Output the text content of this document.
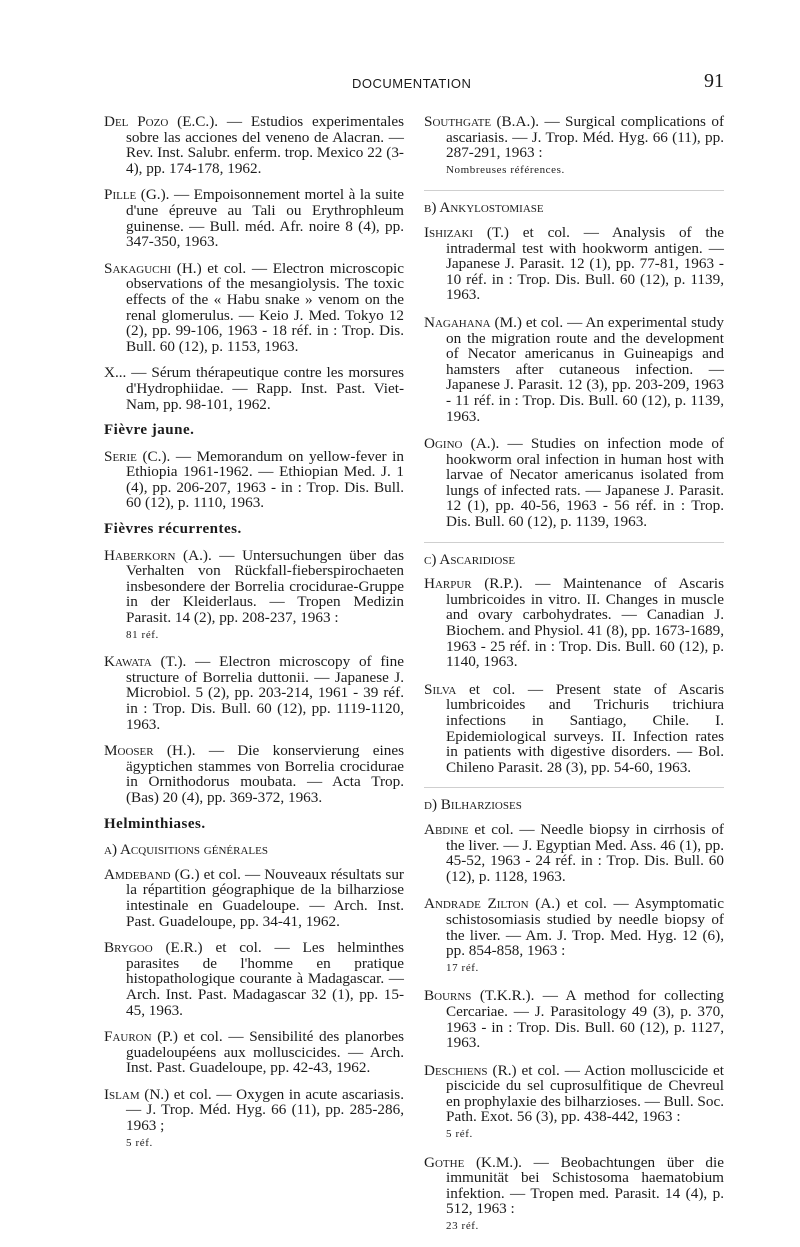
DOCUMENTATION	91

Del Pozo (E.C.). — Estudios experimentales sobre las acciones del veneno de Alacran. — Rev. Inst. Salubr. enferm. trop. Mexico 22 (3-4), pp. 174-178, 1962.

Pille (G.). — Empoisonnement mortel à la suite d'une épreuve au Tali ou Erythrophleum guinense. — Bull. méd. Afr. noire 8 (4), pp. 347-350, 1963.

Sakaguchi (H.) et col. — Electron microscopic observations of the mesangiolysis. The toxic effects of the « Habu snake » venom on the renal glomerulus. — Keio J. Med. Tokyo 12 (2), pp. 99-106, 1963 - 18 réf. in : Trop. Dis. Bull. 60 (12), p. 1153, 1963.

X... — Sérum thérapeutique contre les morsures d'Hydrophiidae. — Rapp. Inst. Past. Viet-Nam, pp. 98-101, 1962.

Fièvre jaune.

Serie (C.). — Memorandum on yellow-fever in Ethiopia 1961-1962. — Ethiopian Med. J. 1 (4), pp. 206-207, 1963 - in : Trop. Dis. Bull. 60 (12), p. 1110, 1963.

Fièvres récurrentes.

Haberkorn (A.). — Untersuchungen über das Verhalten von Rückfall-fieberspirochaeten insbesondere der Borrelia crocidurae-Gruppe in der Kleiderlaus. — Tropen Medizin Parasit. 14 (2), pp. 208-237, 1963 :
81 réf.

Kawata (T.). — Electron microscopy of fine structure of Borrelia duttonii. — Japanese J. Microbiol. 5 (2), pp. 203-214, 1961 - 39 réf. in : Trop. Dis. Bull. 60 (12), pp. 1119-1120, 1963.

Mooser (H.). — Die konservierung eines ägyptichen stammes von Borrelia crocidurae in Ornithodorus moubata. — Acta Trop. (Bas) 20 (4), pp. 369-372, 1963.

Helminthiases.
a) Acquisitions générales

Amdeband (G.) et col. — Nouveaux résultats sur la répartition géographique de la bilharziose intestinale en Guadeloupe. — Arch. Inst. Past. Guadeloupe, pp. 34-41, 1962.

Brygoo (E.R.) et col. — Les helminthes parasites de l'homme en pratique histopathologique courante à Madagascar. — Arch. Inst. Past. Madagascar 32 (1), pp. 15-45, 1963.

Fauron (P.) et col. — Sensibilité des planorbes guadeloupéens aux molluscicides. — Arch. Inst. Past. Guadeloupe, pp. 42-43, 1962.

Islam (N.) et col. — Oxygen in acute ascariasis. — J. Trop. Méd. Hyg. 66 (11), pp. 285-286, 1963 ;
5 réf.

Southgate (B.A.). — Surgical complications of ascariasis. — J. Trop. Méd. Hyg. 66 (11), pp. 287-291, 1963 :
Nombreuses références.

b) Ankylostomiase

Ishizaki (T.) et col. — Analysis of the intradermal test with hookworm antigen. — Japanese J. Parasit. 12 (1), pp. 77-81, 1963 - 10 réf. in : Trop. Dis. Bull. 60 (12), p. 1139, 1963.

Nagahana (M.) et col. — An experimental study on the migration route and the development of Necator americanus in Guineapigs and hamsters after cutaneous infection. — Japanese J. Parasit. 12 (3), pp. 203-209, 1963 - 11 réf. in : Trop. Dis. Bull. 60 (12), p. 1139, 1963.

Ogino (A.). — Studies on infection mode of hookworm oral infection in human host with larvae of Necator americanus isolated from lungs of infected rats. — Japanese J. Parasit. 12 (1), pp. 40-56, 1963 - 56 réf. in : Trop. Dis. Bull. 60 (12), p. 1139, 1963.

c) Ascaridiose

Harpur (R.P.). — Maintenance of Ascaris lumbricoides in vitro. II. Changes in muscle and ovary carbohydrates. — Canadian J. Biochem. and Physiol. 41 (8), pp. 1673-1689, 1963 - 25 réf. in : Trop. Dis. Bull. 60 (12), p. 1140, 1963.

Silva et col. — Present state of Ascaris lumbricoides and Trichuris trichiura infections in Santiago, Chile. I. Epidemiological surveys. II. Infection rates in patients with digestive disorders. — Bol. Chileno Parasit. 28 (3), pp. 54-60, 1963.

d) Bilharzioses

Abdine et col. — Needle biopsy in cirrhosis of the liver. — J. Egyptian Med. Ass. 46 (1), pp. 45-52, 1963 - 24 réf. in : Trop. Dis. Bull. 60 (12), p. 1128, 1963.

Andrade Zilton (A.) et col. — Asymptomatic schistosomiasis studied by needle biopsy of the liver. — Am. J. Trop. Med. Hyg. 12 (6), pp. 854-858, 1963 :
17 réf.

Bourns (T.K.R.). — A method for collecting Cercariae. — J. Parasitology 49 (3), p. 370, 1963 - in : Trop. Dis. Bull. 60 (12), p. 1127, 1963.

Deschiens (R.) et col. — Action molluscicide et piscicide du sel cuprosulfitique de Chevreul en prophylaxie des bilharzioses. — Bull. Soc. Path. Exot. 56 (3), pp. 438-442, 1963 :
5 réf.

Gothe (K.M.). — Beobachtungen über die immunität bei Schistosoma haematobium infektion. — Tropen med. Parasit. 14 (4), p. 512, 1963 :
23 réf.
